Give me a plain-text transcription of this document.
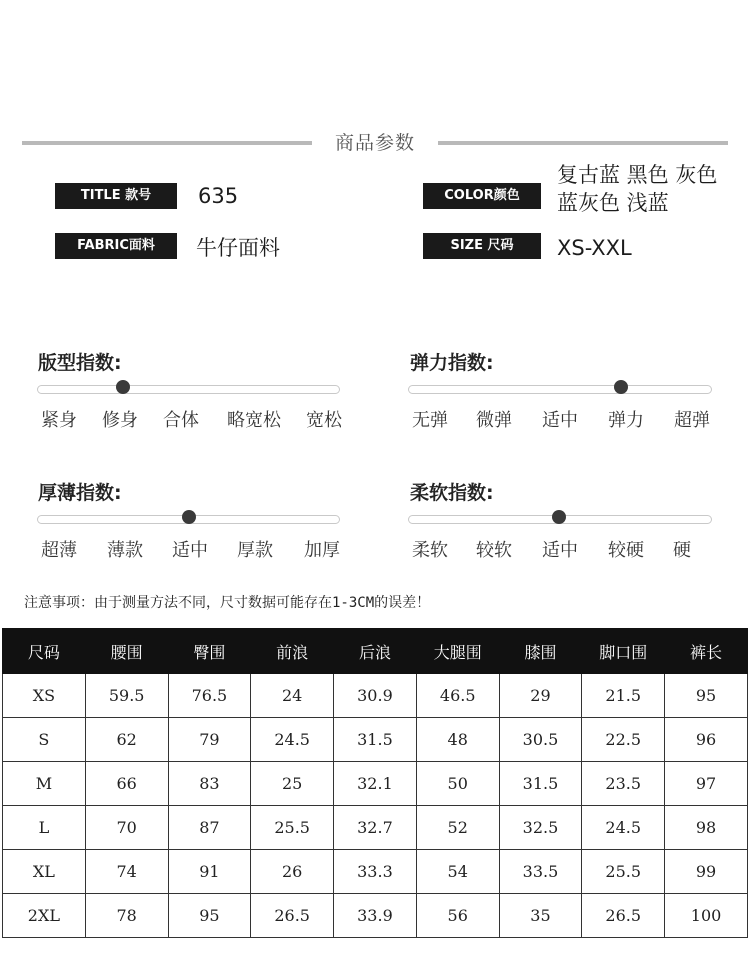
商品参数
TITLE 款号	635
FABRIC面料	牛仔面料
COLOR颜色
复古蓝 黑色 灰色
蓝灰色 浅蓝
SIZE 尺码	XS-XXL
版型指数:
紧身	修身	合体	略宽松	宽松
弹力指数:
无弹	微弹	适中	弹力	超弹
厚薄指数:
超薄	薄款	适中	厚款	加厚
柔软指数:
柔软	较软	适中	较硬	硬
注意事项：由于测量方法不同，尺寸数据可能存在1-3CM的误差！
尺码	腰围	臀围	前浪	后浪	大腿围	膝围	脚口围	裤长
XS	59.5	76.5	24	30.9	46.5	29	21.5	95
S	62	79	24.5	31.5	48	30.5	22.5	96
M	66	83	25	32.1	50	31.5	23.5	97
L	70	87	25.5	32.7	52	32.5	24.5	98
XL	74	91	26	33.3	54	33.5	25.5	99
2XL	78	95	26.5	33.9	56	35	26.5	100
